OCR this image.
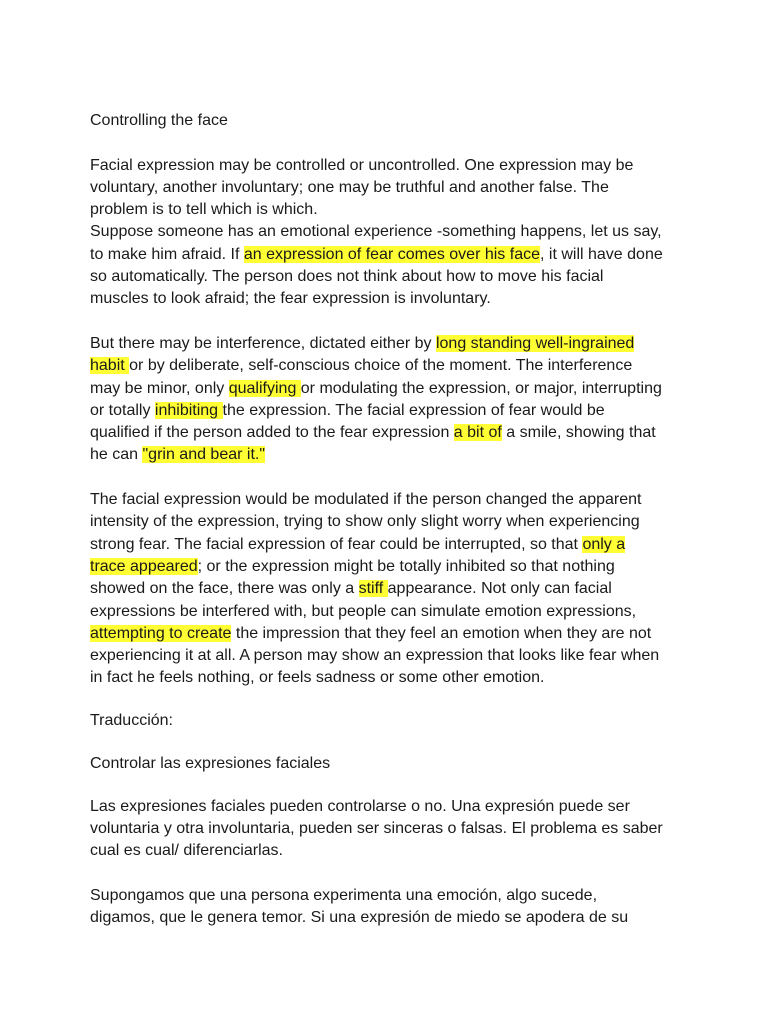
Controlling the face
Facial expression may be controlled or uncontrolled. One expression may be
voluntary, another involuntary; one may be truthful and another false. The
problem is to tell which is which.
Suppose someone has an emotional experience -something happens, let us say,
to make him afraid. If an expression of fear comes over his face, it will have done
so automatically. The person does not think about how to move his facial
muscles to look afraid; the fear expression is involuntary.
But there may be interference, dictated either by long standing well-ingrained
habit or by deliberate, self-conscious choice of the moment. The interference
may be minor, only qualifying or modulating the expression, or major, interrupting
or totally inhibiting the expression. The facial expression of fear would be
qualified if the person added to the fear expression a bit of a smile, showing that
he can "grin and bear it."
The facial expression would be modulated if the person changed the apparent
intensity of the expression, trying to show only slight worry when experiencing
strong fear. The facial expression of fear could be interrupted, so that only a
trace appeared; or the expression might be totally inhibited so that nothing
showed on the face, there was only a stiff appearance. Not only can facial
expressions be interfered with, but people can simulate emotion expressions,
attempting to create the impression that they feel an emotion when they are not
experiencing it at all. A person may show an expression that looks like fear when
in fact he feels nothing, or feels sadness or some other emotion.
Traducción:
Controlar las expresiones faciales
Las expresiones faciales pueden controlarse o no. Una expresión puede ser
voluntaria y otra involuntaria, pueden ser sinceras o falsas. El problema es saber
cual es cual/ diferenciarlas.
Supongamos que una persona experimenta una emoción, algo sucede,
digamos, que le genera temor. Si una expresión de miedo se apodera de su
